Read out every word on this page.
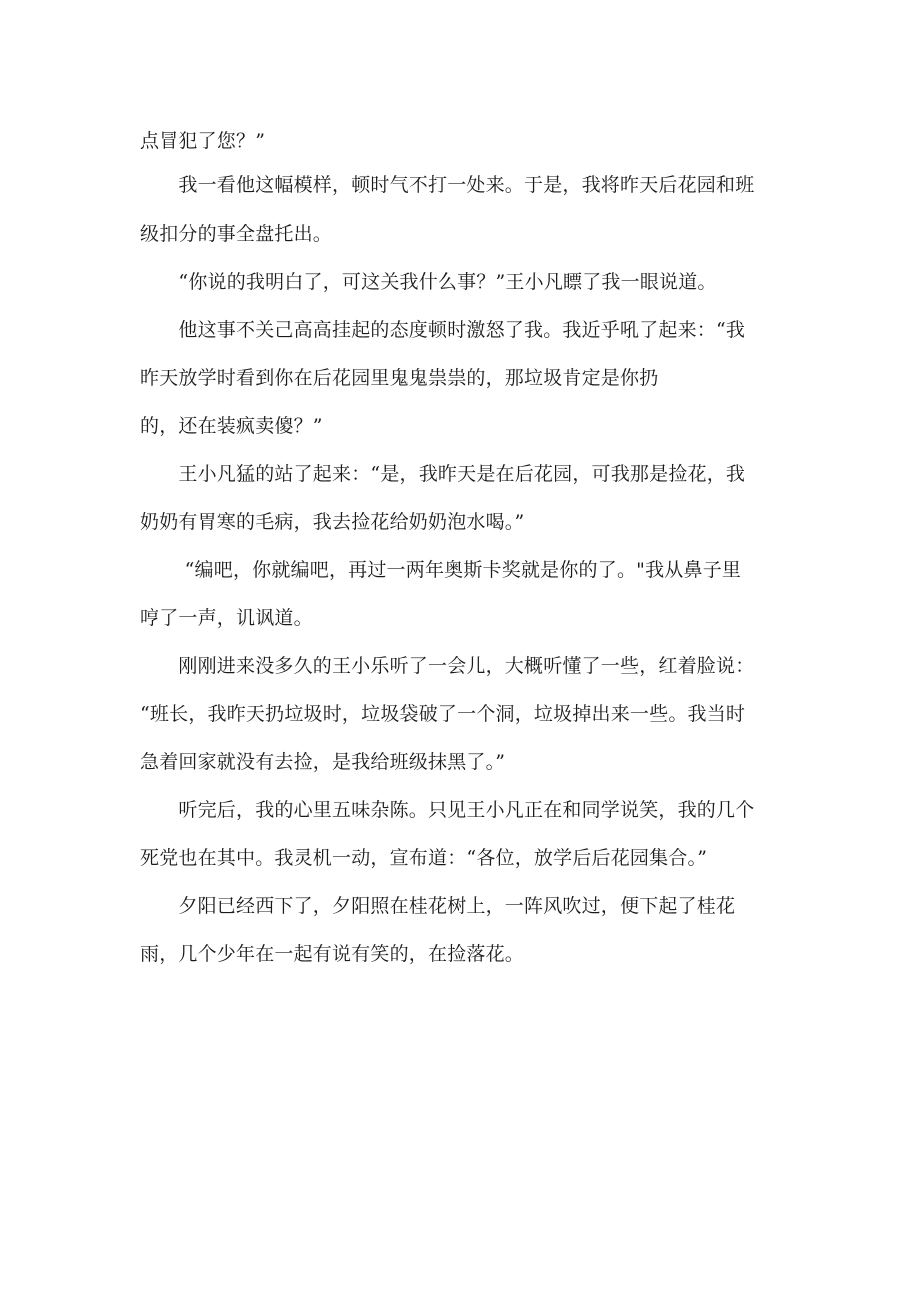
点冒犯了您？”
　　我一看他这幅模样，顿时气不打一处来。于是，我将昨天后花园和班
级扣分的事全盘托出。
　　“你说的我明白了，可这关我什么事？”王小凡瞟了我一眼说道。
　　他这事不关己高高挂起的态度顿时激怒了我。我近乎吼了起来：“我
昨天放学时看到你在后花园里鬼鬼祟祟的，那垃圾肯定是你扔
的，还在装疯卖傻？”
　　王小凡猛的站了起来：“是，我昨天是在后花园，可我那是捡花，我
奶奶有胃寒的毛病，我去捡花给奶奶泡水喝。”
　　 “编吧，你就编吧，再过一两年奥斯卡奖就是你的了。"我从鼻子里
哼了一声，讥讽道。
　　刚刚进来没多久的王小乐听了一会儿，大概听懂了一些，红着脸说：
“班长，我昨天扔垃圾时，垃圾袋破了一个洞，垃圾掉出来一些。我当时
急着回家就没有去捡，是我给班级抹黑了。”
　　听完后，我的心里五味杂陈。只见王小凡正在和同学说笑，我的几个
死党也在其中。我灵机一动，宣布道：“各位，放学后后花园集合。”
　　夕阳已经西下了，夕阳照在桂花树上，一阵风吹过，便下起了桂花
雨，几个少年在一起有说有笑的，在捡落花。
